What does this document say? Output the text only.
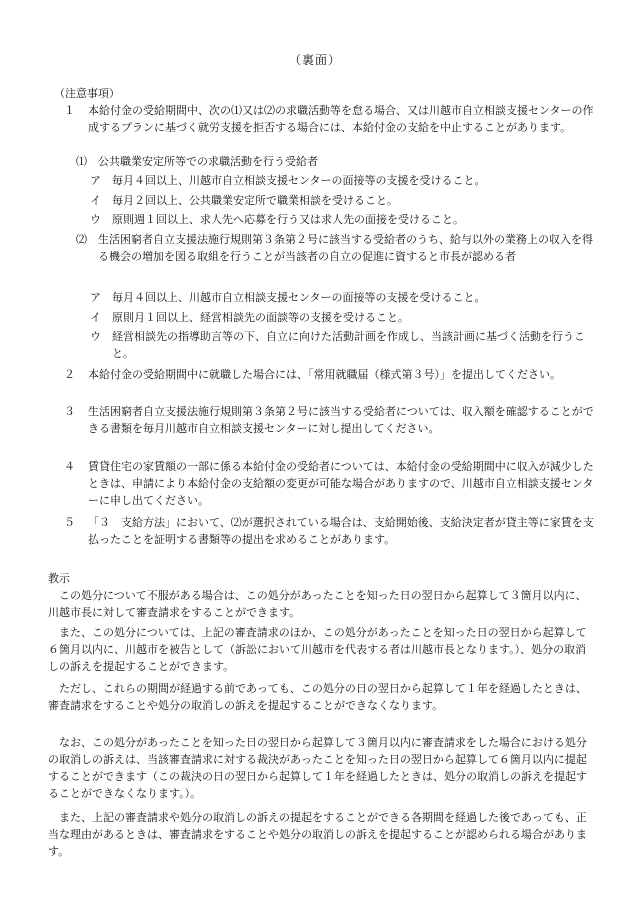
（裏面）
（注意事項）
１	本給付金の受給期間中、次の⑴又は⑵の求職活動等を怠る場合、又は川越市自立相談支援センターの作成するプランに基づく就労支援を拒否する場合には、本給付金の支給を中止することがあります。
⑴	公共職業安定所等での求職活動を行う受給者
ア	毎月４回以上、川越市自立相談支援センターの面接等の支援を受けること。
イ	毎月２回以上、公共職業安定所で職業相談を受けること。
ウ	原則週１回以上、求人先へ応募を行う又は求人先の面接を受けること。
⑵	生活困窮者自立支援法施行規則第３条第２号に該当する受給者のうち、給与以外の業務上の収入を得る機会の増加を図る取組を行うことが当該者の自立の促進に資すると市長が認める者
ア	毎月４回以上、川越市自立相談支援センターの面接等の支援を受けること。
イ	原則月１回以上、経営相談先の面談等の支援を受けること。
ウ	経営相談先の指導助言等の下、自立に向けた活動計画を作成し、当該計画に基づく活動を行うこと。
２	本給付金の受給期間中に就職した場合には、「常用就職届（様式第３号）」を提出してください。
３	生活困窮者自立支援法施行規則第３条第２号に該当する受給者については、収入額を確認することができる書類を毎月川越市自立相談支援センターに対し提出してください。
４	賃貸住宅の家賃額の一部に係る本給付金の受給者については、本給付金の受給期間中に収入が減少したときは、申請により本給付金の支給額の変更が可能な場合がありますので、川越市自立相談支援センターに申し出てください。
５	「３　支給方法」において、⑵が選択されている場合は、支給開始後、支給決定者が貸主等に家賃を支払ったことを証明する書類等の提出を求めることがあります。
教示
この処分について不服がある場合は、この処分があったことを知った日の翌日から起算して３箇月以内に、川越市長に対して審査請求をすることができます。
また、この処分については、上記の審査請求のほか、この処分があったことを知った日の翌日から起算して６箇月以内に、川越市を被告として（訴訟において川越市を代表する者は川越市長となります。）、処分の取消しの訴えを提起することができます。
ただし、これらの期間が経過する前であっても、この処分の日の翌日から起算して１年を経過したときは、審査請求をすることや処分の取消しの訴えを提起することができなくなります。
なお、この処分があったことを知った日の翌日から起算して３箇月以内に審査請求をした場合における処分の取消しの訴えは、当該審査請求に対する裁決があったことを知った日の翌日から起算して６箇月以内に提起することができます（この裁決の日の翌日から起算して１年を経過したときは、処分の取消しの訴えを提起することができなくなります。）。
また、上記の審査請求や処分の取消しの訴えの提起をすることができる各期間を経過した後であっても、正当な理由があるときは、審査請求をすることや処分の取消しの訴えを提起することが認められる場合があります。
